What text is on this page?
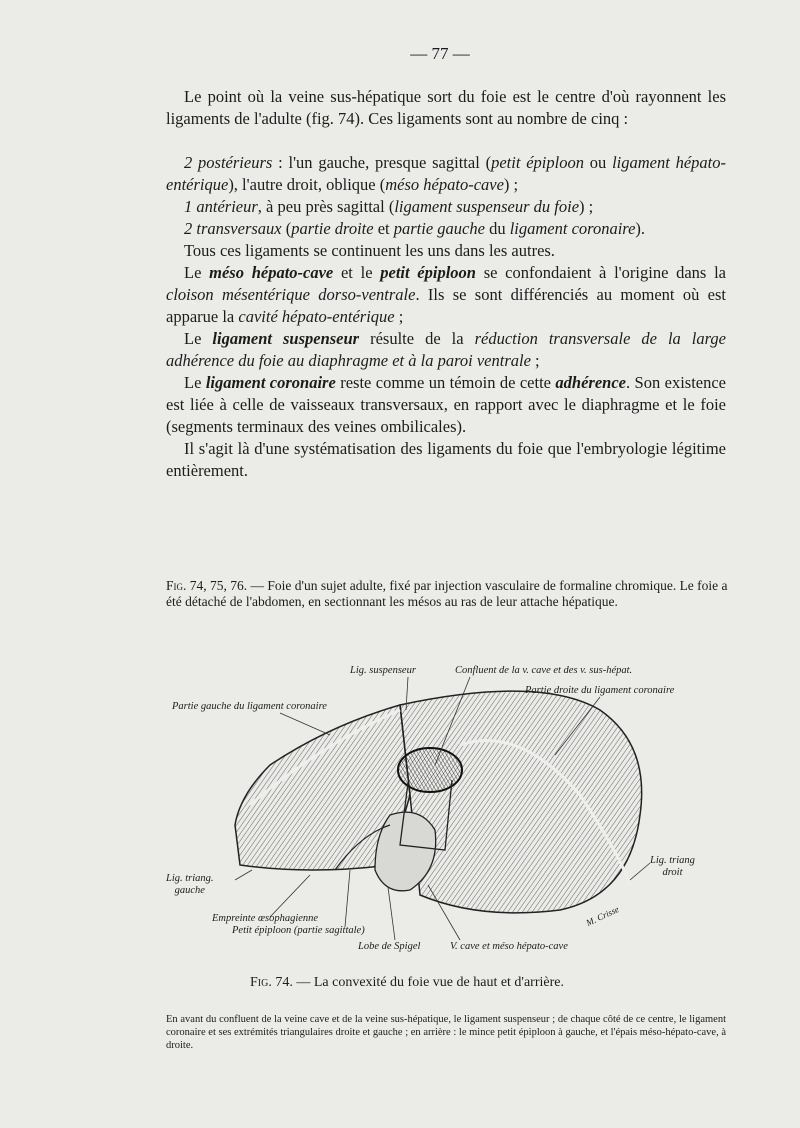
— 77 —

Le point où la veine sus-hépatique sort du foie est le centre d'où rayonnent les ligaments de l'adulte (fig. 74). Ces ligaments sont au nombre de cinq :

2 postérieurs : l'un gauche, presque sagittal (petit épiploon ou ligament hépato-entérique), l'autre droit, oblique (méso hépato-cave) ;

1 antérieur, à peu près sagittal (ligament suspenseur du foie) ;

2 transversaux (partie droite et partie gauche du ligament coronaire).

Tous ces ligaments se continuent les uns dans les autres.

Le méso hépato-cave et le petit épiploon se confondaient à l'origine dans la cloison mésentérique dorso-ventrale. Ils se sont différenciés au moment où est apparue la cavité hépato-entérique ;

Le ligament suspenseur résulte de la réduction transversale de la large adhérence du foie au diaphragme et à la paroi ventrale ;

Le ligament coronaire reste comme un témoin de cette adhérence. Son existence est liée à celle de vaisseaux transversaux, en rapport avec le diaphragme et le foie (segments terminaux des veines ombilicales).

Il s'agit là d'une systématisation des ligaments du foie que l'embryologie légitime entièrement.

Fig. 74, 75, 76. — Foie d'un sujet adulte, fixé par injection vasculaire de formaline chromique. Le foie a été détaché de l'abdomen, en sectionnant les mésos au ras de leur attache hépatique.

Lig. suspenseur	Confluent de la v. cave et des v. sus-hépat.
Partie droite du ligament coronaire
Partie gauche du ligament coronaire
Lig. triang
droit
Lig. triang.
gauche
Empreinte œsophagienne
Petit épiploon (partie sagittale)
Lobe de Spigel	V. cave et méso hépato-cave
M. Crisse
Fig. 74. — La convexité du foie vue de haut et d'arrière.

En avant du confluent de la veine cave et de la veine sus-hépatique, le ligament suspenseur ; de chaque côté de ce centre, le ligament coronaire et ses extrémités triangulaires droite et gauche ; en arrière : le mince petit épiploon à gauche, et l'épais méso-hépato-cave, à droite.
